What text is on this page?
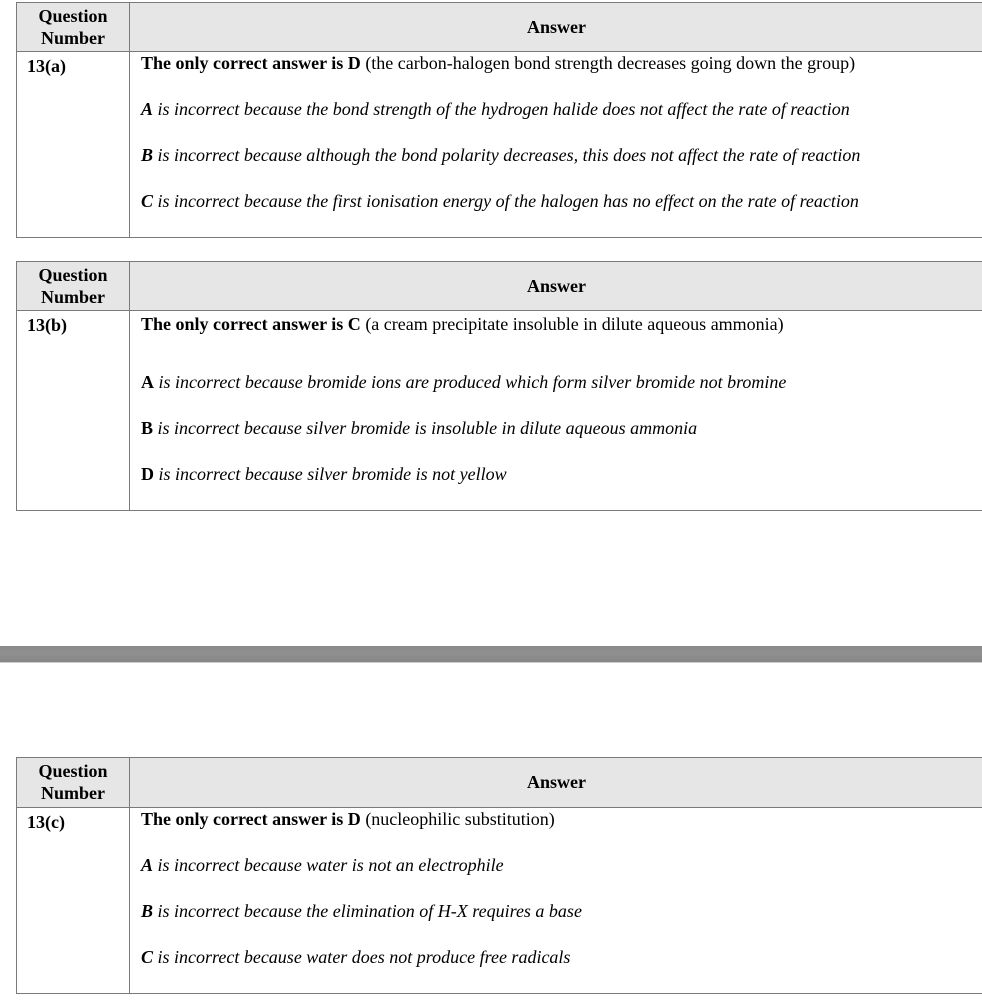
Question Number
Answer
13(a)	The only correct answer is D (the carbon-halogen bond strength decreases going down the group)
A is incorrect because the bond strength of the hydrogen halide does not affect the rate of reaction
B is incorrect because although the bond polarity decreases, this does not affect the rate of reaction
C is incorrect because the first ionisation energy of the halogen has no effect on the rate of reaction
Question Number
Answer
13(b)	The only correct answer is C (a cream precipitate insoluble in dilute aqueous ammonia)
A is incorrect because bromide ions are produced which form silver bromide not bromine
B is incorrect because silver bromide is insoluble in dilute aqueous ammonia
D is incorrect because silver bromide is not yellow
Question Number
Answer
13(c)	The only correct answer is D (nucleophilic substitution)
A is incorrect because water is not an electrophile
B is incorrect because the elimination of H-X requires a base
C is incorrect because water does not produce free radicals
